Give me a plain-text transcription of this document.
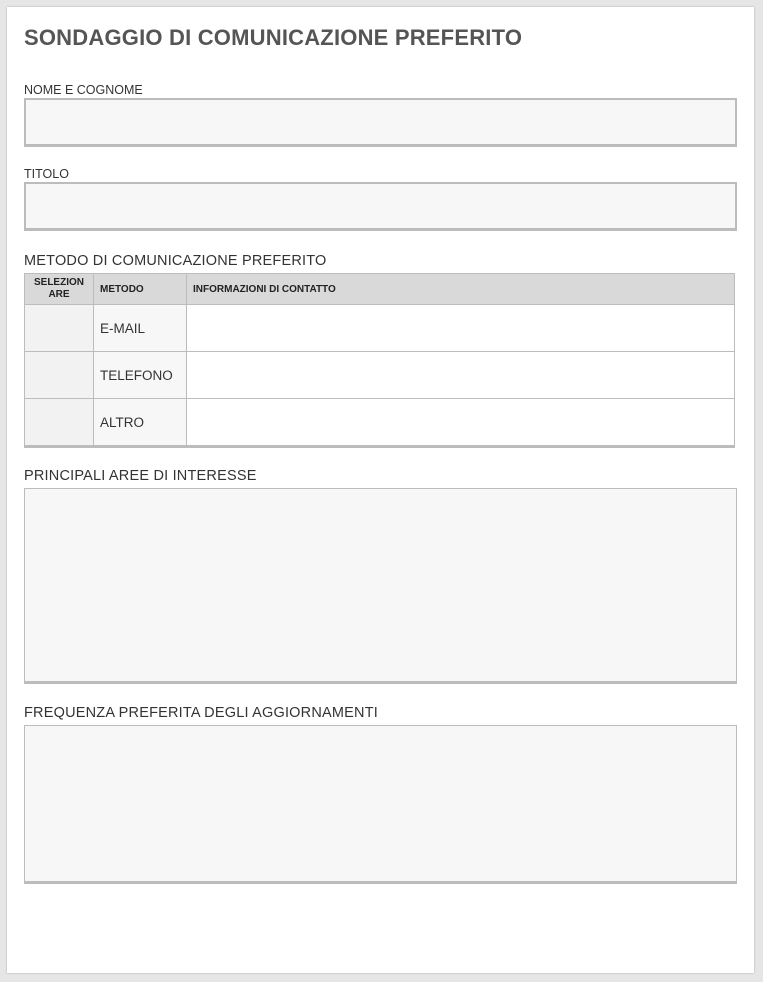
SONDAGGIO DI COMUNICAZIONE PREFERITO
NOME E COGNOME
TITOLO
METODO DI COMUNICAZIONE PREFERITO
SELEZION ARE	METODO	INFORMAZIONI DI CONTATTO
	E-MAIL	
	TELEFONO	
	ALTRO	
PRINCIPALI AREE DI INTERESSE
FREQUENZA PREFERITA DEGLI AGGIORNAMENTI
